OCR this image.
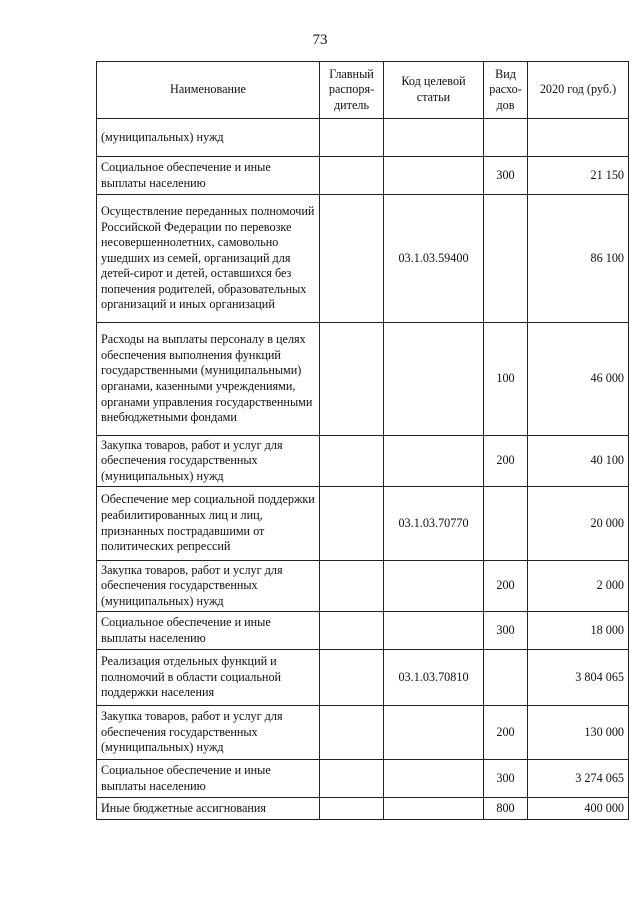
73
Наименование	Главный распоря-дитель	Код целевой статьи	Вид расхо-дов	2020 год (руб.)
(муниципальных) нужд				
Социальное обеспечение и иные выплаты населению			300	21 150
Осуществление переданных полномочий Российской Федерации по перевозке несовершеннолетних, самовольно ушедших из семей, организаций для детей-сирот и детей, оставшихся без попечения родителей, образовательных организаций и иных организаций		03.1.03.59400		86 100
Расходы на выплаты персоналу в целях обеспечения выполнения функций государственными (муниципальными) органами, казенными учреждениями, органами управления государственными внебюджетными фондами			100	46 000
Закупка товаров, работ и услуг для обеспечения государственных (муниципальных) нужд			200	40 100
Обеспечение мер социальной поддержки реабилитированных лиц и лиц, признанных пострадавшими от политических репрессий		03.1.03.70770		20 000
Закупка товаров, работ и услуг для обеспечения государственных (муниципальных) нужд			200	2 000
Социальное обеспечение и иные выплаты населению			300	18 000
Реализация отдельных функций и полномочий в области социальной поддержки населения		03.1.03.70810		3 804 065
Закупка товаров, работ и услуг для обеспечения государственных (муниципальных) нужд			200	130 000
Социальное обеспечение и иные выплаты населению			300	3 274 065
Иные бюджетные ассигнования			800	400 000
